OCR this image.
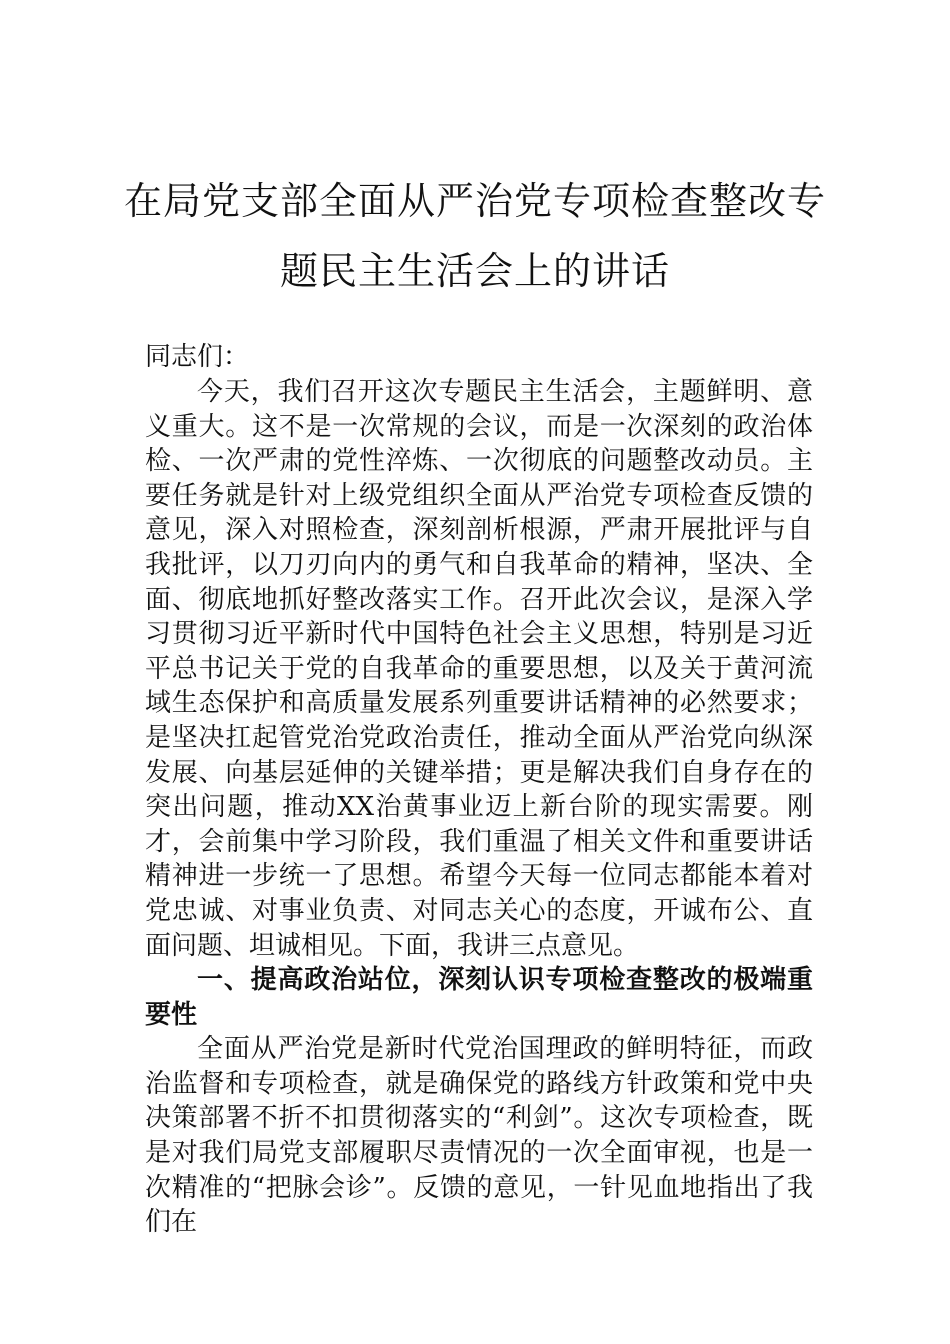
在局党支部全面从严治党专项检查整改专
题民主生活会上的讲话

同志们：

今天，我们召开这次专题民主生活会，主题鲜明、意义重大。这不是一次常规的会议，而是一次深刻的政治体检、一次严肃的党性淬炼、一次彻底的问题整改动员。主要任务就是针对上级党组织全面从严治党专项检查反馈的意见，深入对照检查，深刻剖析根源，严肃开展批评与自我批评，以刀刃向内的勇气和自我革命的精神，坚决、全面、彻底地抓好整改落实工作。召开此次会议，是深入学习贯彻习近平新时代中国特色社会主义思想，特别是习近平总书记关于党的自我革命的重要思想，以及关于黄河流域生态保护和高质量发展系列重要讲话精神的必然要求；是坚决扛起管党治党政治责任，推动全面从严治党向纵深发展、向基层延伸的关键举措；更是解决我们自身存在的突出问题，推动XX治黄事业迈上新台阶的现实需要。刚才，会前集中学习阶段，我们重温了相关文件和重要讲话精神进一步统一了思想。希望今天每一位同志都能本着对党忠诚、对事业负责、对同志关心的态度，开诚布公、直面问题、坦诚相见。下面，我讲三点意见。

一、提高政治站位，深刻认识专项检查整改的极端重要性

全面从严治党是新时代党治国理政的鲜明特征，而政治监督和专项检查，就是确保党的路线方针政策和党中央决策部署不折不扣贯彻落实的“利剑”。这次专项检查，既是对我们局党支部履职尽责情况的一次全面审视，也是一次精准的“把脉会诊”。反馈的意见，一针见血地指出了我们在
